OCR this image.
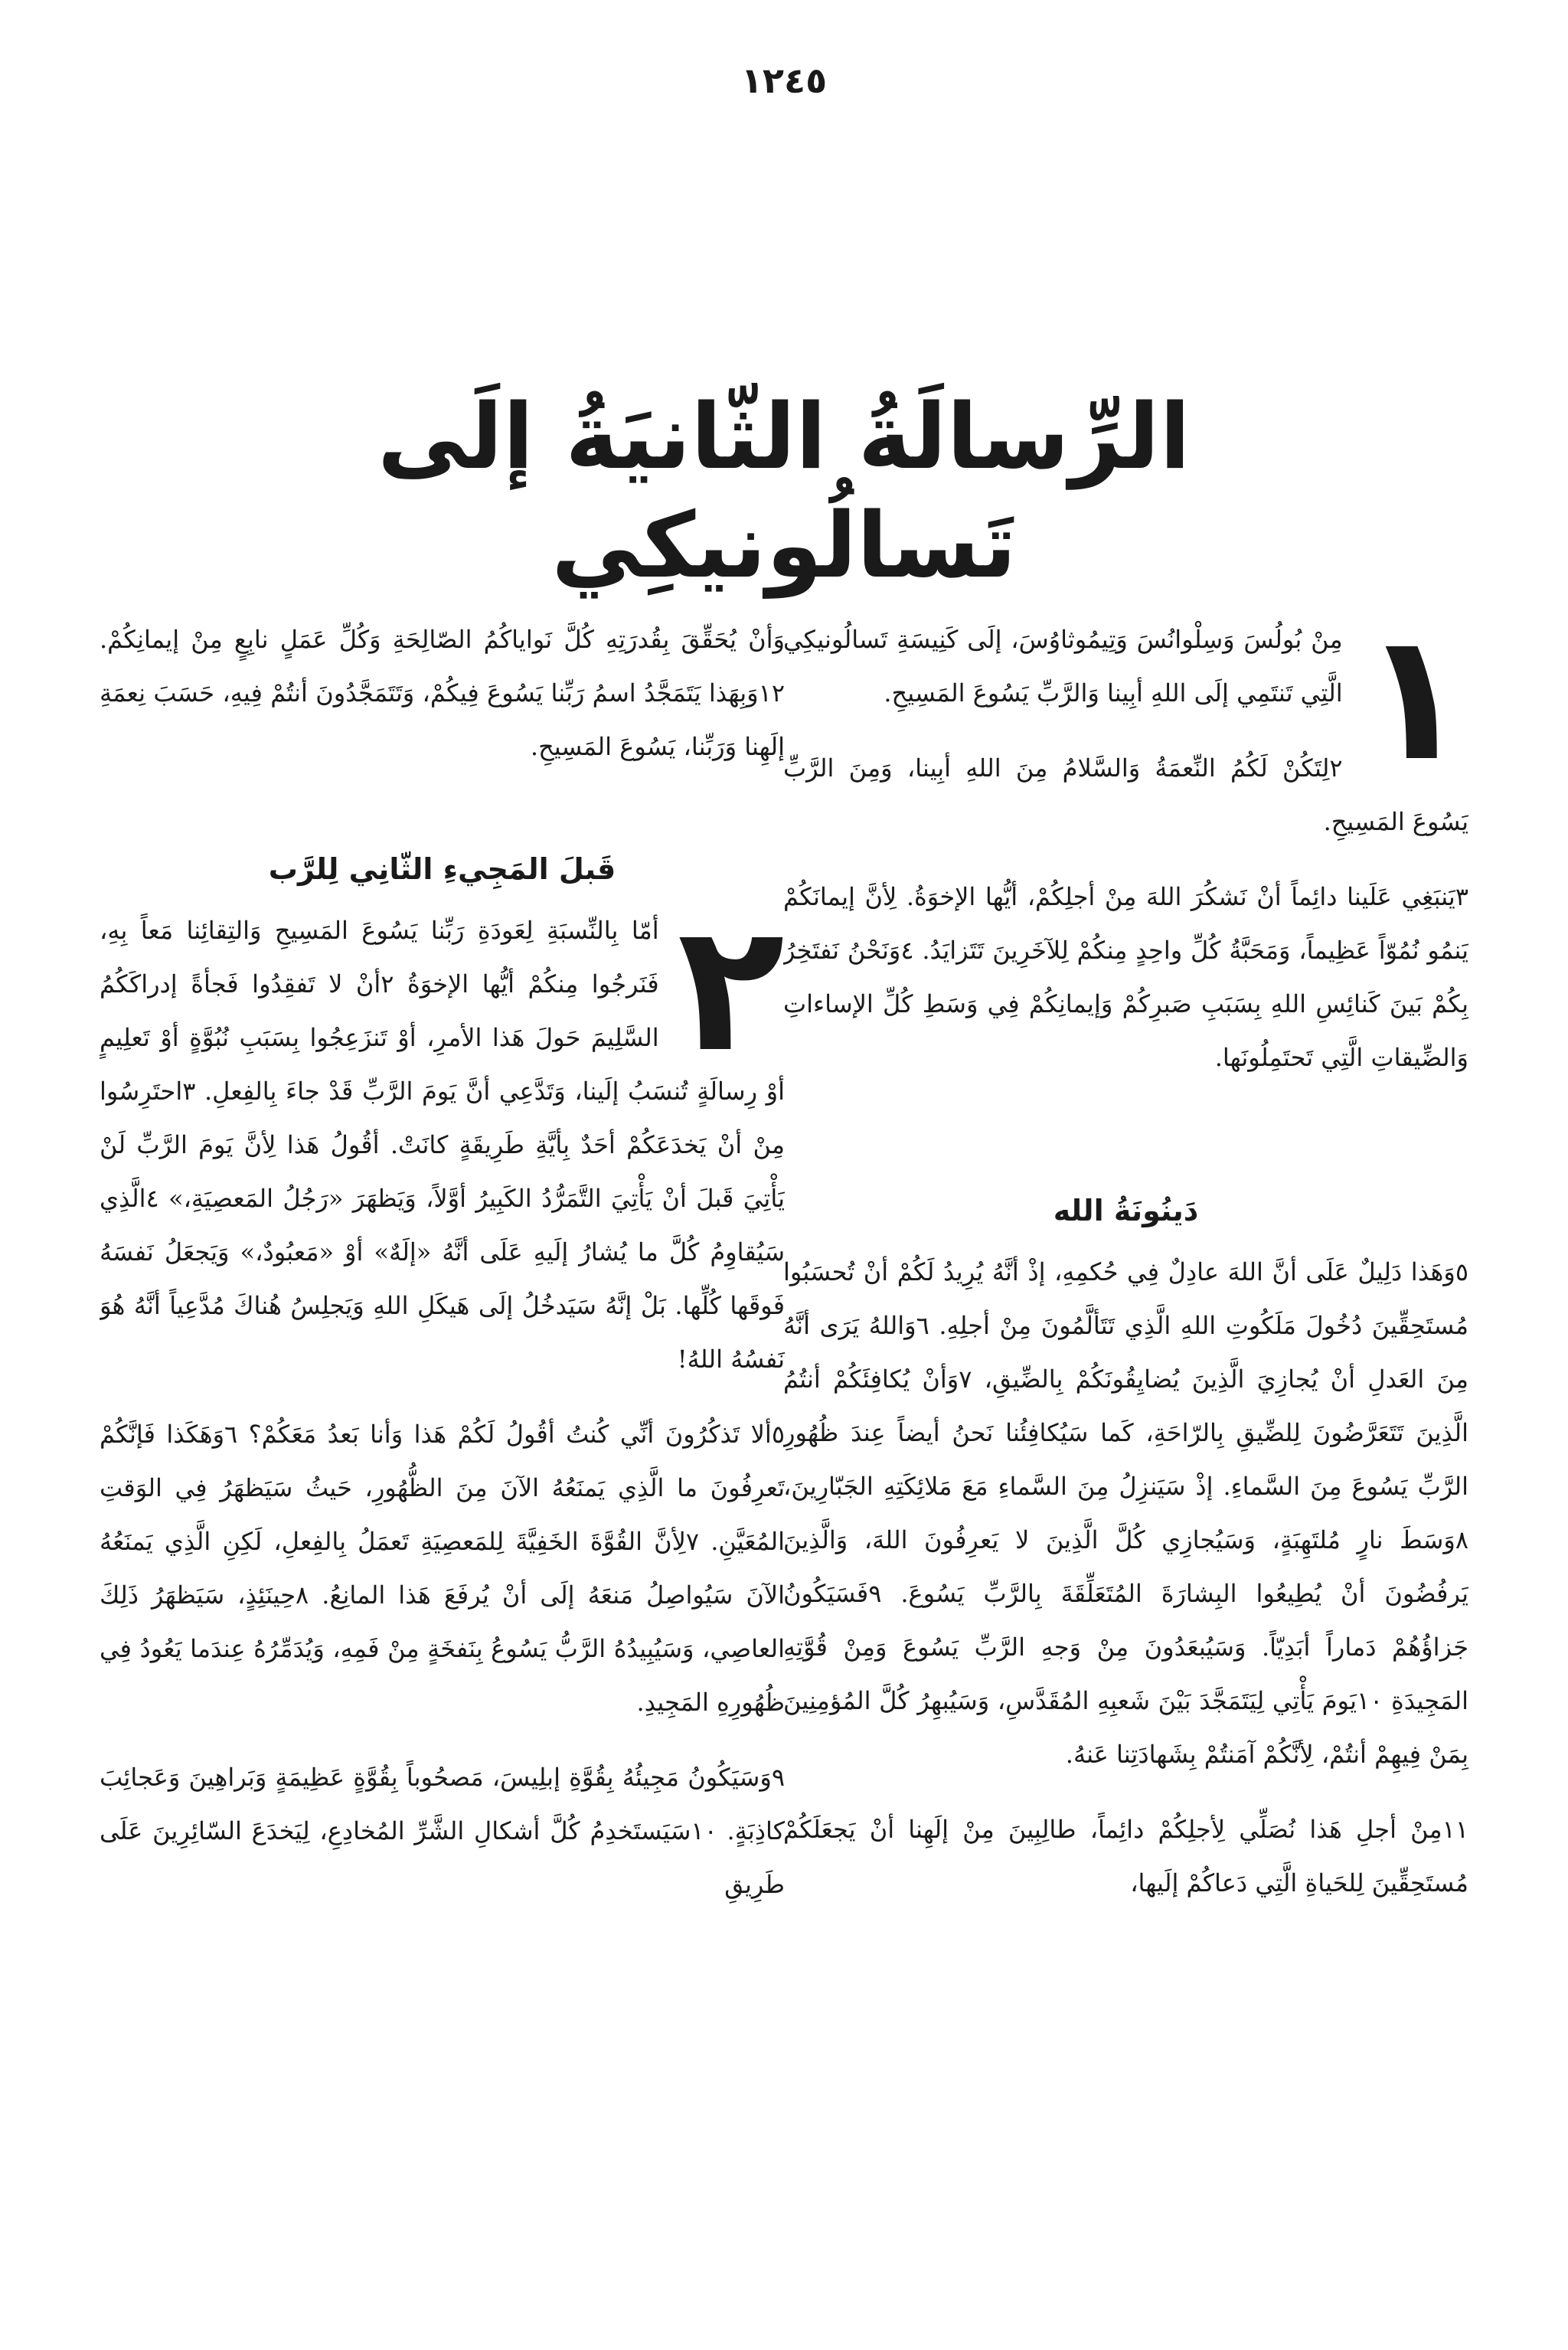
١٢٤٥
الرِّسالَةُ الثّانيَةُ إلَى تَسالُونيكِي
١

مِنْ بُولُسَ وَسِلْوانُسَ وَتِيمُوثاوُسَ، إلَى كَنِيسَةِ تَسالُونيكِي الَّتِي تَنتَمِي إلَى اللهِ أبِينا وَالرَّبِّ يَسُوعَ المَسِيحِ.

٢لِتَكُنْ لَكُمُ النِّعمَةُ وَالسَّلامُ مِنَ اللهِ أبِينا، وَمِنَ الرَّبِّ يَسُوعَ المَسِيحِ.

٣يَنبَغِي عَلَينا دائِماً أنْ نَشكُرَ اللهَ مِنْ أجلِكُمْ، أيُّها الإخوَةُ. لِأنَّ إيمانَكُمْ يَنمُو نُمُوّاً عَظِيماً، وَمَحَبَّةُ كُلِّ واحِدٍ مِنكُمْ لِلآخَرِينَ تَتَزايَدُ. ٤وَنَحْنُ نَفتَخِرُ بِكُمْ بَينَ كَنائِسِ اللهِ بِسَبَبِ صَبرِكُمْ وَإيمانِكُمْ فِي وَسَطِ كُلِّ الإساءاتِ وَالضِّيقاتِ الَّتِي تَحتَمِلُونَها.

دَينُونَةُ الله

٥وَهَذا دَلِيلٌ عَلَى أنَّ اللهَ عادِلٌ فِي حُكمِهِ، إذْ أنَّهُ يُرِيدُ لَكُمْ أنْ تُحسَبُوا مُستَحِقِّينَ دُخُولَ مَلَكُوتِ اللهِ الَّذِي تَتَألَّمُونَ مِنْ أجلِهِ. ٦وَاللهُ يَرَى أنَّهُ مِنَ العَدلِ أنْ يُجازِيَ الَّذِينَ يُضايِقُونَكُمْ بِالضِّيقِ، ٧وَأنْ يُكافِئَكُمْ أنتُمُ الَّذِينَ تَتَعَرَّضُونَ لِلضِّيقِ بِالرّاحَةِ، كَما سَيُكافِئُنا نَحنُ أيضاً عِندَ ظُهُورِ الرَّبِّ يَسُوعَ مِنَ السَّماءِ. إذْ سَيَنزِلُ مِنَ السَّماءِ مَعَ مَلائِكَتِهِ الجَبّارِينَ، ٨وَسَطَ نارٍ مُلتَهِبَةٍ، وَسَيُجازِي كُلَّ الَّذِينَ لا يَعرِفُونَ اللهَ، وَالَّذِينَ يَرفُضُونَ أنْ يُطِيعُوا البِشارَةَ المُتَعَلِّقَةَ بِالرَّبِّ يَسُوعَ. ٩فَسَيَكُونُ جَزاؤُهُمْ دَماراً أبَدِيّاً. وَسَيُبعَدُونَ مِنْ وَجهِ الرَّبِّ يَسُوعَ وَمِنْ قُوَّتِهِ المَجِيدَةِ ١٠يَومَ يَأْتِي لِيَتَمَجَّدَ بَيْنَ شَعبِهِ المُقَدَّسِ، وَسَيُبهِرُ كُلَّ المُؤمِنِينَ بِمَنْ فِيهِمْ أنتُمْ، لِأنَّكُمْ آمَنتُمْ بِشَهادَتِنا عَنهُ.

١١مِنْ أجلِ هَذا نُصَلِّي لِأجلِكُمْ دائِماً، طالِبِينَ مِنْ إلَهِنا أنْ يَجعَلَكُمْ مُستَحِقِّينَ لِلحَياةِ الَّتِي دَعاكُمْ إلَيها،

وَأنْ يُحَقِّقَ بِقُدرَتِهِ كُلَّ نَواياكُمُ الصّالِحَةِ وَكُلِّ عَمَلٍ نابِعٍ مِنْ إيمانِكُمْ. ١٢وَبِهَذا يَتَمَجَّدُ اسمُ رَبِّنا يَسُوعَ فِيكُمْ، وَتَتَمَجَّدُونَ أنتُمْ فِيهِ، حَسَبَ نِعمَةِ إلَهِنا وَرَبِّنا، يَسُوعَ المَسِيحِ.

قَبلَ المَجِيءِ الثّانِي لِلرَّب
٢

أمّا بِالنِّسبَةِ لِعَودَةِ رَبِّنا يَسُوعَ المَسِيحِ وَالتِقائِنا مَعاً بِهِ، فَنَرجُوا مِنكُمْ أيُّها الإخوَةُ ٢أنْ لا تَفقِدُوا فَجأةً إدراكَكُمُ السَّلِيمَ حَولَ هَذا الأمرِ، أوْ تَنزَعِجُوا بِسَبَبِ نُبُوَّةٍ أوْ تَعلِيمٍ أوْ رِسالَةٍ تُنسَبُ إلَينا، وَتَدَّعِي أنَّ يَومَ الرَّبِّ قَدْ جاءَ بِالفِعلِ. ٣احتَرِسُوا مِنْ أنْ يَخدَعَكُمْ أحَدٌ بِأيَّةِ طَرِيقَةٍ كانَتْ. أقُولُ هَذا لِأنَّ يَومَ الرَّبِّ لَنْ يَأْتِيَ قَبلَ أنْ يَأْتِيَ التَّمَرُّدُ الكَبِيرُ أوَّلاً، وَيَظهَرَ «رَجُلُ المَعصِيَةِ،» ٤الَّذِي سَيُقاوِمُ كُلَّ ما يُشارُ إلَيهِ عَلَى أنَّهُ «إلَهٌ» أوْ «مَعبُودٌ،» وَيَجعَلُ نَفسَهُ فَوقَها كُلِّها. بَلْ إنَّهُ سَيَدخُلُ إلَى هَيكَلِ اللهِ وَيَجلِسُ هُناكَ مُدَّعِياً أنَّهُ هُوَ نَفسُهُ اللهُ!

٥ألا تَذكُرُونَ أنِّي كُنتُ أقُولُ لَكُمْ هَذا وَأنا بَعدُ مَعَكُمْ؟ ٦وَهَكَذا فَإنَّكُمْ تَعرِفُونَ ما الَّذِي يَمنَعُهُ الآنَ مِنَ الظُّهُورِ، حَيثُ سَيَظهَرُ فِي الوَقتِ المُعَيَّنِ. ٧لِأنَّ القُوَّةَ الخَفِيَّةَ لِلمَعصِيَةِ تَعمَلُ بِالفِعلِ، لَكِنِ الَّذِي يَمنَعُهُ الآنَ سَيُواصِلُ مَنعَهُ إلَى أنْ يُرفَعَ هَذا المانِعُ. ٨حِينَئِذٍ، سَيَظهَرُ ذَلِكَ العاصِي، وَسَيُبِيدُهُ الرَّبُّ يَسُوعُ بِنَفخَةٍ مِنْ فَمِهِ، وَيُدَمِّرُهُ عِندَما يَعُودُ فِي ظُهُورِهِ المَجِيدِ.

٩وَسَيَكُونُ مَجِيئُهُ بِقُوَّةِ إبلِيسَ، مَصحُوباً بِقُوَّةٍ عَظِيمَةٍ وَبَراهِينَ وَعَجائِبَ كاذِبَةٍ. ١٠سَيَستَخدِمُ كُلَّ أشكالِ الشَّرِّ المُخادِعِ، لِيَخدَعَ السّائِرِينَ عَلَى طَرِيقِ
